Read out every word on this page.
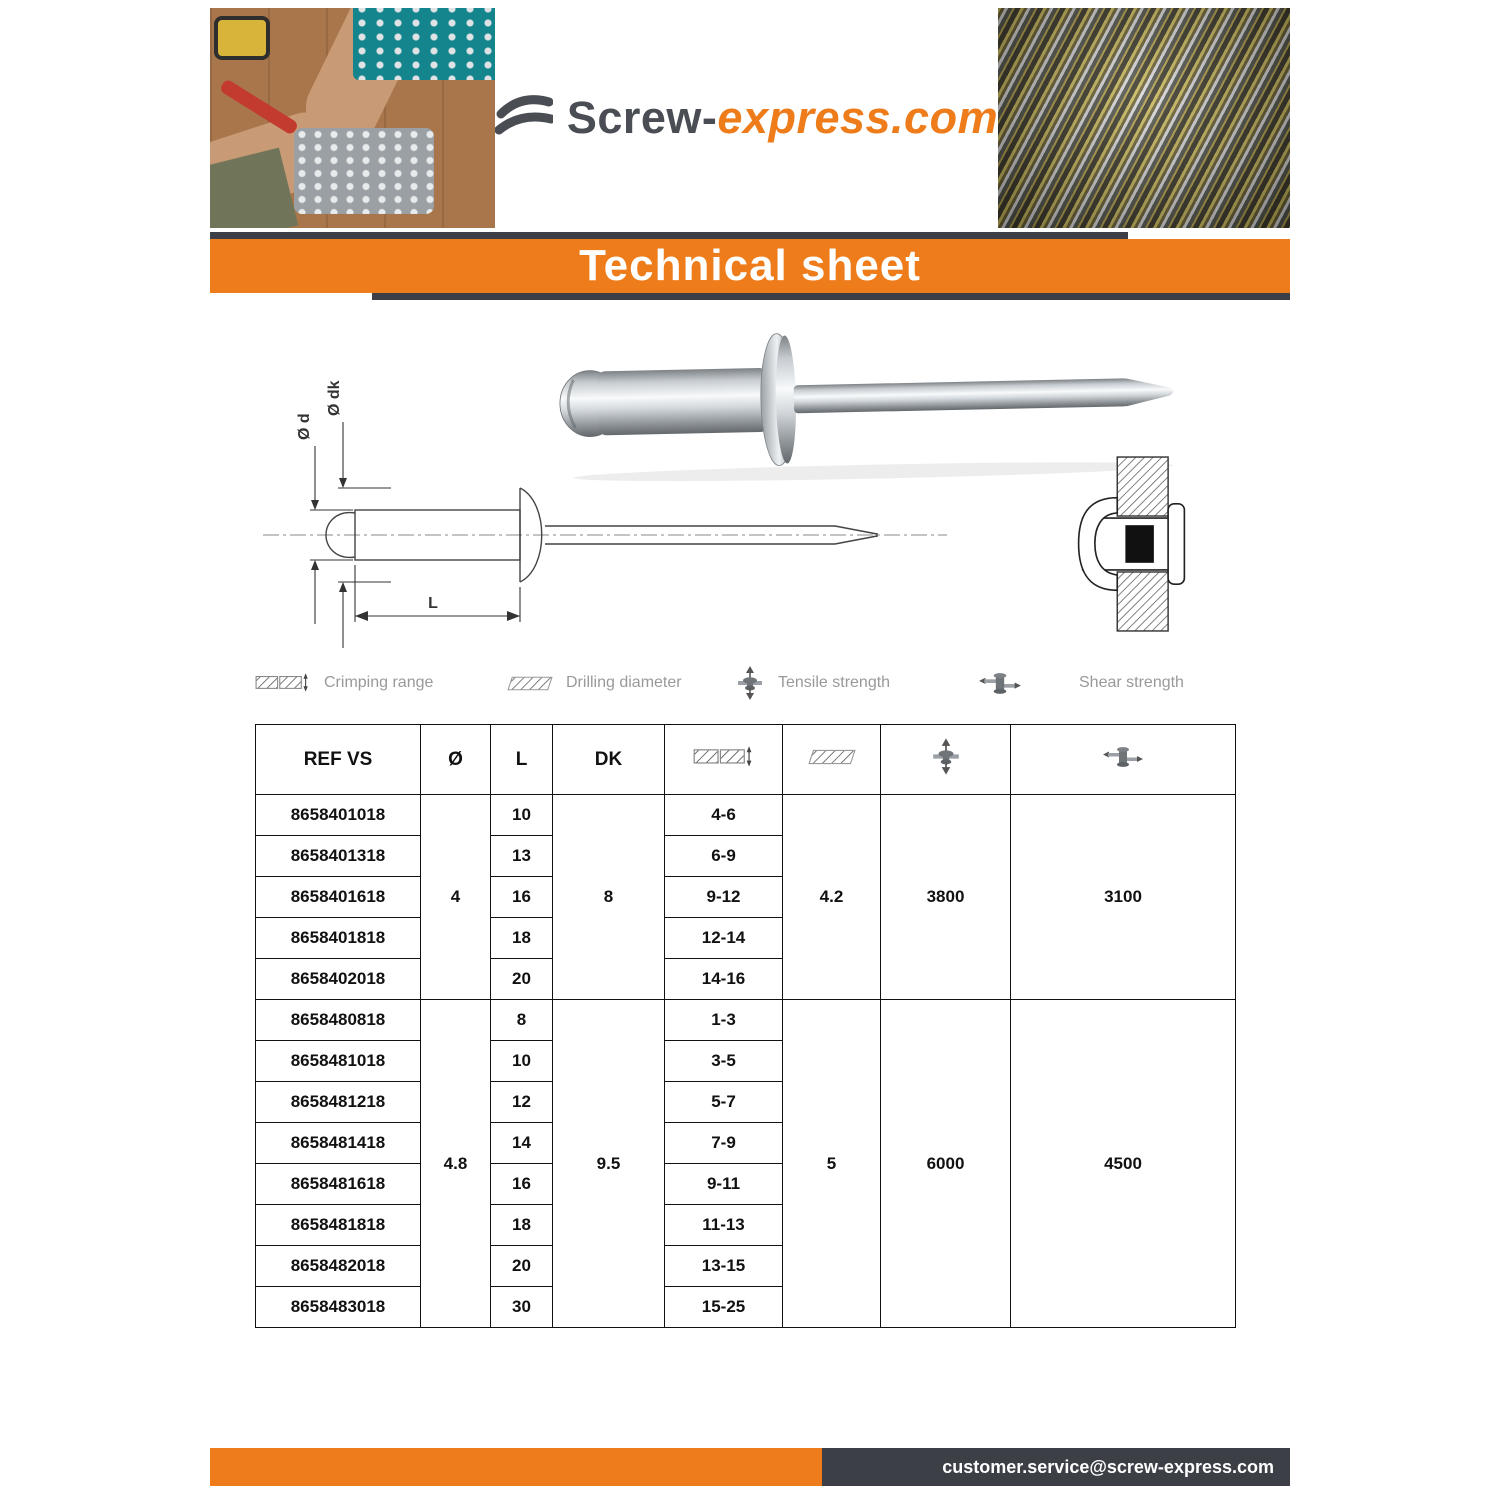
Screw-express.com
Technical sheet
Ø d
Ø dk
L
Crimping range	Drilling diameter	Tensile strength	Shear strength
REF VS	Ø	L	DK				
8658401018	4	10	8	4-6	4.2	3800	3100
8658401318		13		6-9			
8658401618		16		9-12			
8658401818		18		12-14			
8658402018		20		14-16			
8658480818	4.8	8	9.5	1-3	5	6000	4500
8658481018		10		3-5			
8658481218		12		5-7			
8658481418		14		7-9			
8658481618		16		9-11			
8658481818		18		11-13			
8658482018		20		13-15			
8658483018		30		15-25			
customer.service@screw-express.com
